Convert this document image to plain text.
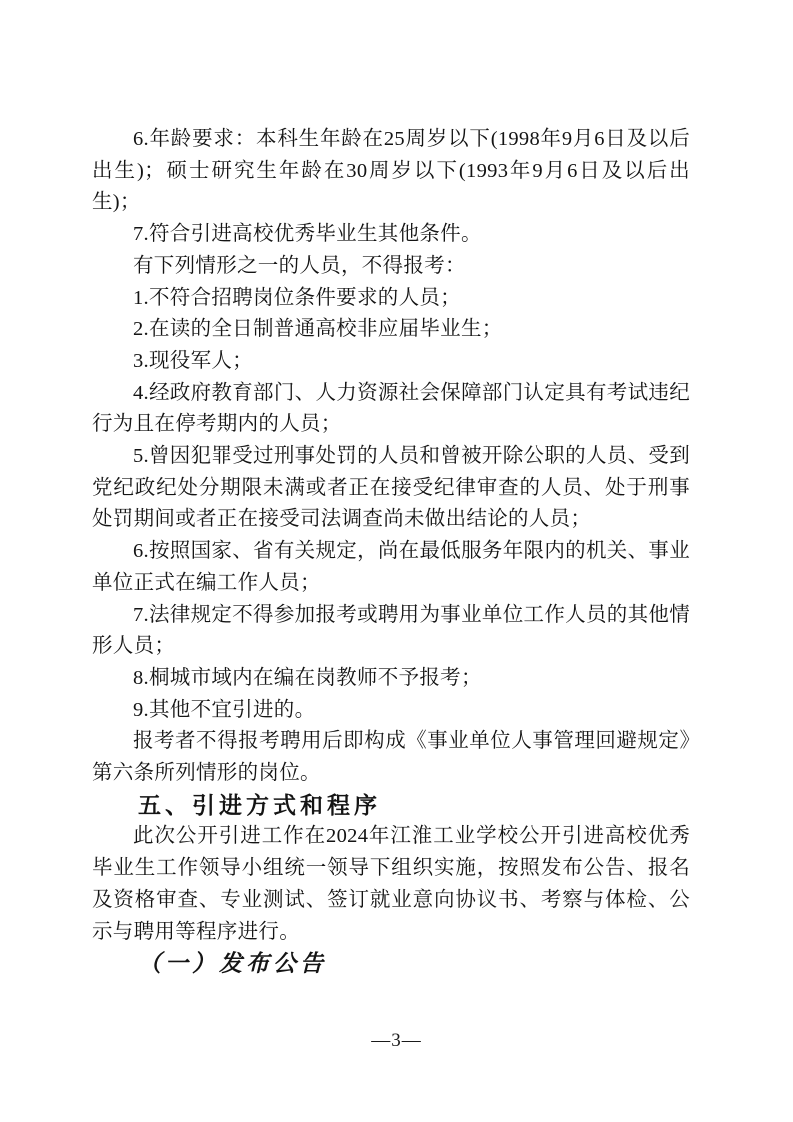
6.年龄要求：本科生年龄在25周岁以下(1998年9月6日及以后出生)；硕士研究生年龄在30周岁以下(1993年9月6日及以后出生)；

7.符合引进高校优秀毕业生其他条件。

有下列情形之一的人员，不得报考：

1.不符合招聘岗位条件要求的人员；

2.在读的全日制普通高校非应届毕业生；

3.现役军人；

4.经政府教育部门、人力资源社会保障部门认定具有考试违纪行为且在停考期内的人员；

5.曾因犯罪受过刑事处罚的人员和曾被开除公职的人员、受到党纪政纪处分期限未满或者正在接受纪律审查的人员、处于刑事处罚期间或者正在接受司法调查尚未做出结论的人员；

6.按照国家、省有关规定，尚在最低服务年限内的机关、事业单位正式在编工作人员；

7.法律规定不得参加报考或聘用为事业单位工作人员的其他情形人员；

8.桐城市域内在编在岗教师不予报考；

9.其他不宜引进的。

报考者不得报考聘用后即构成《事业单位人事管理回避规定》第六条所列情形的岗位。

五、引进方式和程序

此次公开引进工作在2024年江淮工业学校公开引进高校优秀毕业生工作领导小组统一领导下组织实施，按照发布公告、报名及资格审查、专业测试、签订就业意向协议书、考察与体检、公示与聘用等程序进行。

（一）发布公告

—3—
